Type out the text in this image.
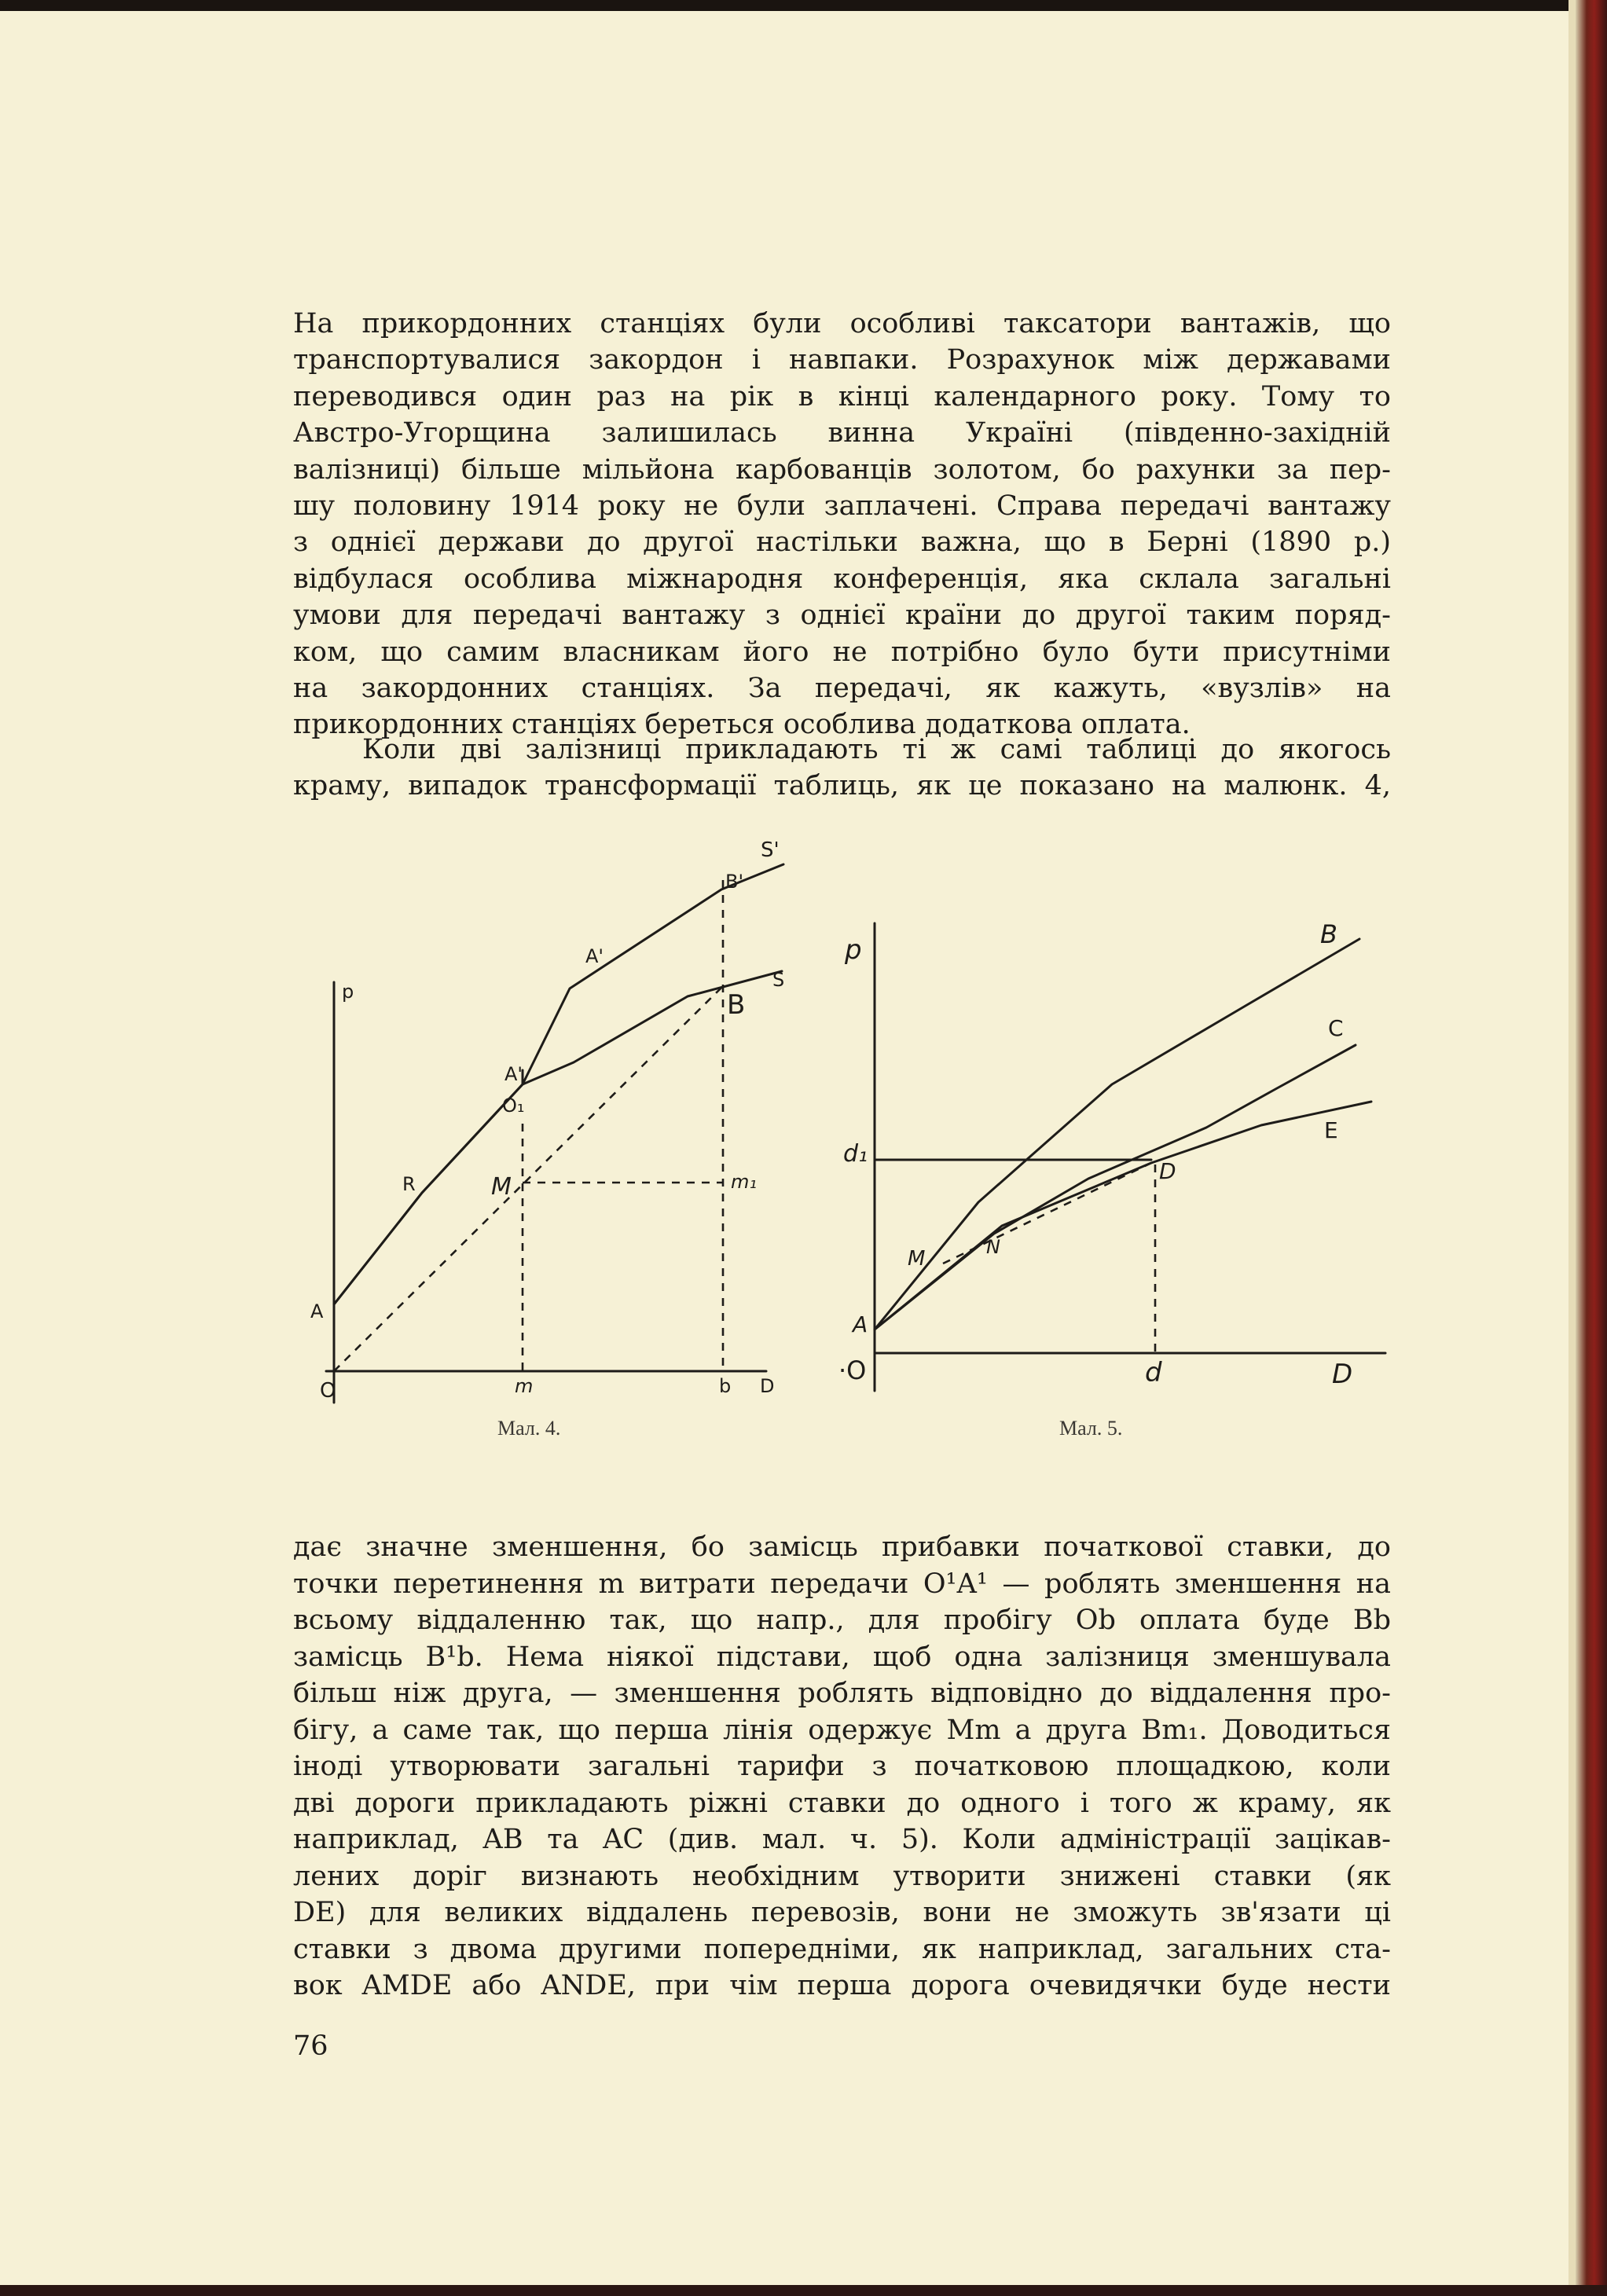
На прикордонних станціях були особливі таксатори вантажів, що
транспортувалися закордон і навпаки. Розрахунок між державами
переводився один раз на рік в кінці календарного року. Тому то
Австро-Угорщина залишилась винна Україні (південно-західній
валізниці) більше мільйона карбованців золотом, бо рахунки за пер-
шу половину 1914 року не були заплачені. Справа передачі вантажу
з однієї держави до другої настільки важна, що в Берні (1890 р.)
відбулася особлива міжнародня конференція, яка склала загальні
умови для передачі вантажу з однієї країни до другої таким поряд-
ком, що самим власникам його не потрібно було бути присутніми
на закордонних станціях. За передачі, як кажуть, «вузлів» на
прикордонних станціях береться особлива додаткова оплата.
Коли дві залізниці прикладають ті ж самі таблиці до якогось
краму, випадок трансформації таблиць, як це показано на малюнк. 4,
p
A
R
A'
O₁
A'
M	m₁
B'
S'
B
S
O	m	b D
p	B
C
E
d₁
D
M	N
A
·O	d	D
Мал. 4.	Мал. 5.
дає значне зменшення, бо замісць прибавки початкової ставки, до
точки перетинення m витрати передачи O¹A¹ — роблять зменшення на
всьому віддаленню так, що напр., для пробігу Ob оплата буде Bb
замісць B¹b. Нема ніякої підстави, щоб одна залізниця зменшувала
більш ніж друга, — зменшення роблять відповідно до віддалення про-
бігу, а саме так, що перша лінія одержує Mm а друга Bm₁. Доводиться
іноді утворювати загальні тарифи з початковою площадкою, коли
дві дороги прикладають ріжні ставки до одного і того ж краму, як
наприклад, AB та AC (див. мал. ч. 5). Коли адміністрації зацікав-
лених доріг визнають необхідним утворити знижені ставки (як
DE) для великих віддалень перевозів, вони не зможуть зв'язати ці
ставки з двома другими попередніми, як наприклад, загальних ста-
вок AMDE або ANDE, при чім перша дорога очевидячки буде нести
76
